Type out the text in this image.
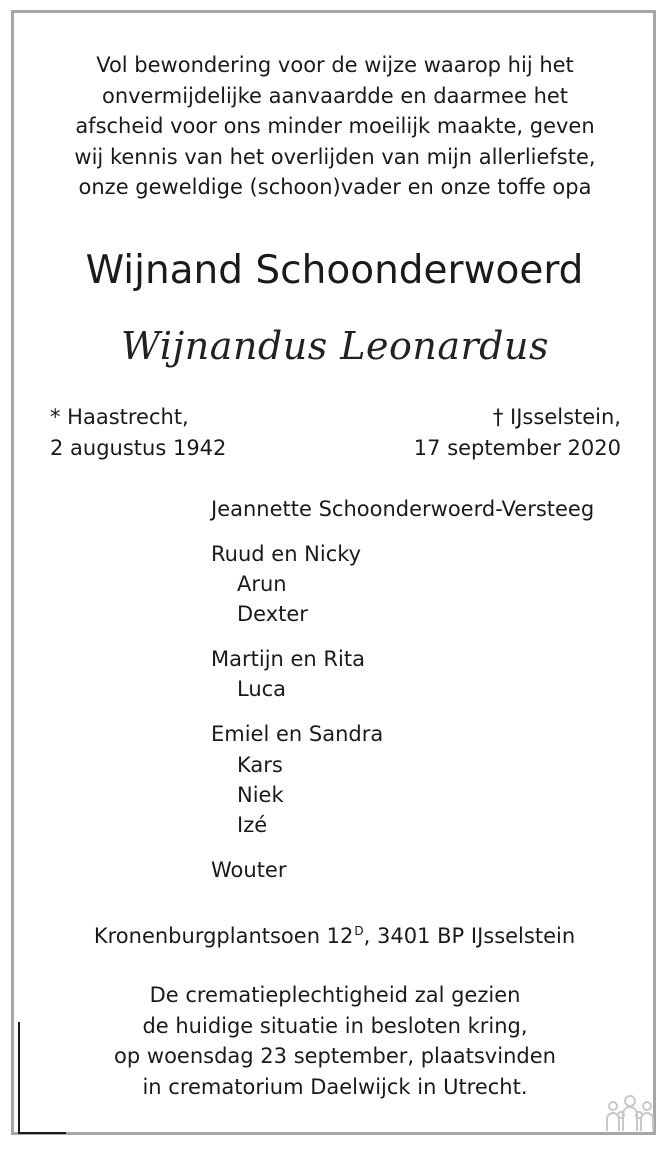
Vol bewondering voor de wijze waarop hij het
onvermijdelijke aanvaardde en daarmee het
afscheid voor ons minder moeilijk maakte, geven
wij kennis van het overlijden van mijn allerliefste,
onze geweldige (schoon)vader en onze toffe opa

Wijnand Schoonderwoerd
Wijnandus Leonardus
* Haastrecht,
2 augustus 1942
† IJsselstein,
17 september 2020
Jeannette Schoonderwoerd-Versteeg
Ruud en Nicky
Arun
Dexter
Martijn en Rita
Luca
Emiel en Sandra
Kars
Niek
Izé
Wouter
Kronenburgplantsoen $12^D$, 3401 BP IJsselstein
De crematieplechtigheid zal gezien
de huidige situatie in besloten kring,
op woensdag 23 september, plaatsvinden
in crematorium Daelwijck in Utrecht.
